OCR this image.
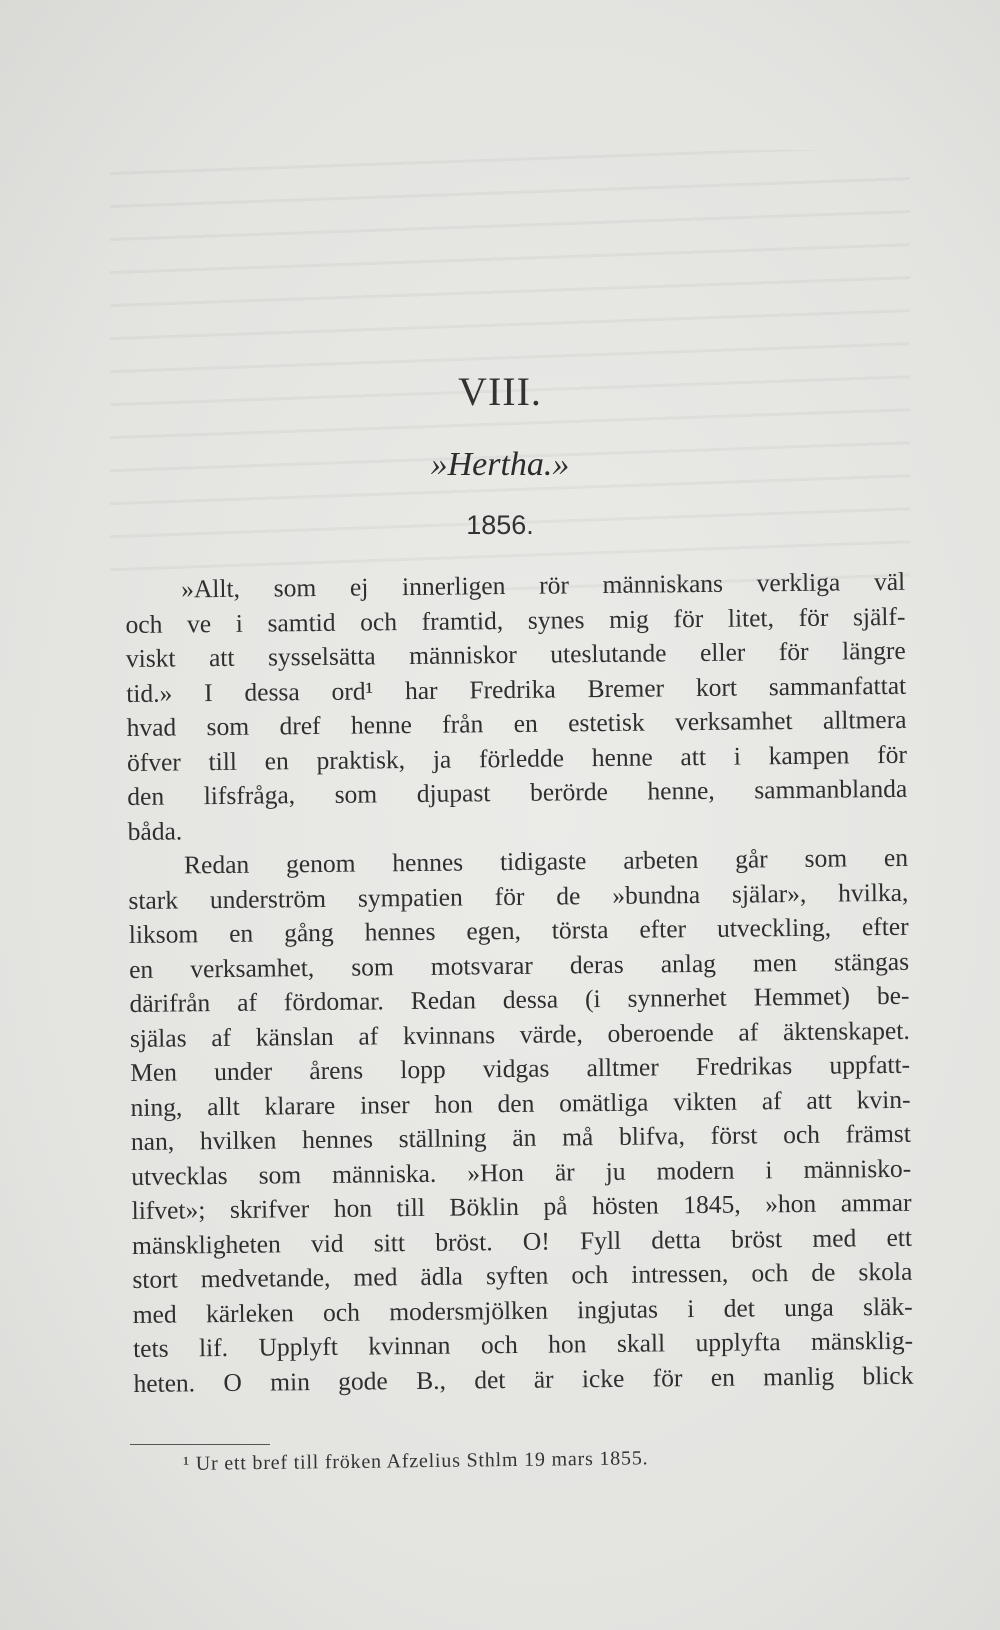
VIII.
»Hertha.»
1856.
»Allt, som ej innerligen rör människans verkliga väl
och ve i samtid och framtid, synes mig för litet, för själf-
viskt att sysselsätta människor uteslutande eller för längre
tid.» I dessa ord¹ har Fredrika Bremer kort sammanfattat
hvad som dref henne från en estetisk verksamhet alltmera
öfver till en praktisk, ja förledde henne att i kampen för
den lifsfråga, som djupast berörde henne, sammanblanda
båda.
Redan genom hennes tidigaste arbeten går som en
stark underström sympatien för de »bundna själar», hvilka,
liksom en gång hennes egen, törsta efter utveckling, efter
en verksamhet, som motsvarar deras anlag men stängas
därifrån af fördomar. Redan dessa (i synnerhet Hemmet) be-
själas af känslan af kvinnans värde, oberoende af äktenskapet.
Men under årens lopp vidgas alltmer Fredrikas uppfatt-
ning, allt klarare inser hon den omätliga vikten af att kvin-
nan, hvilken hennes ställning än må blifva, först och främst
utvecklas som människa. »Hon är ju modern i människo-
lifvet»; skrifver hon till Böklin på hösten 1845, »hon ammar
mänskligheten vid sitt bröst. O! Fyll detta bröst med ett
stort medvetande, med ädla syften och intressen, och de skola
med kärleken och modersmjölken ingjutas i det unga släk-
tets lif. Upplyft kvinnan och hon skall upplyfta mänsklig-
heten. O min gode B., det är icke för en manlig blick
¹ Ur ett bref till fröken Afzelius Sthlm 19 mars 1855.
